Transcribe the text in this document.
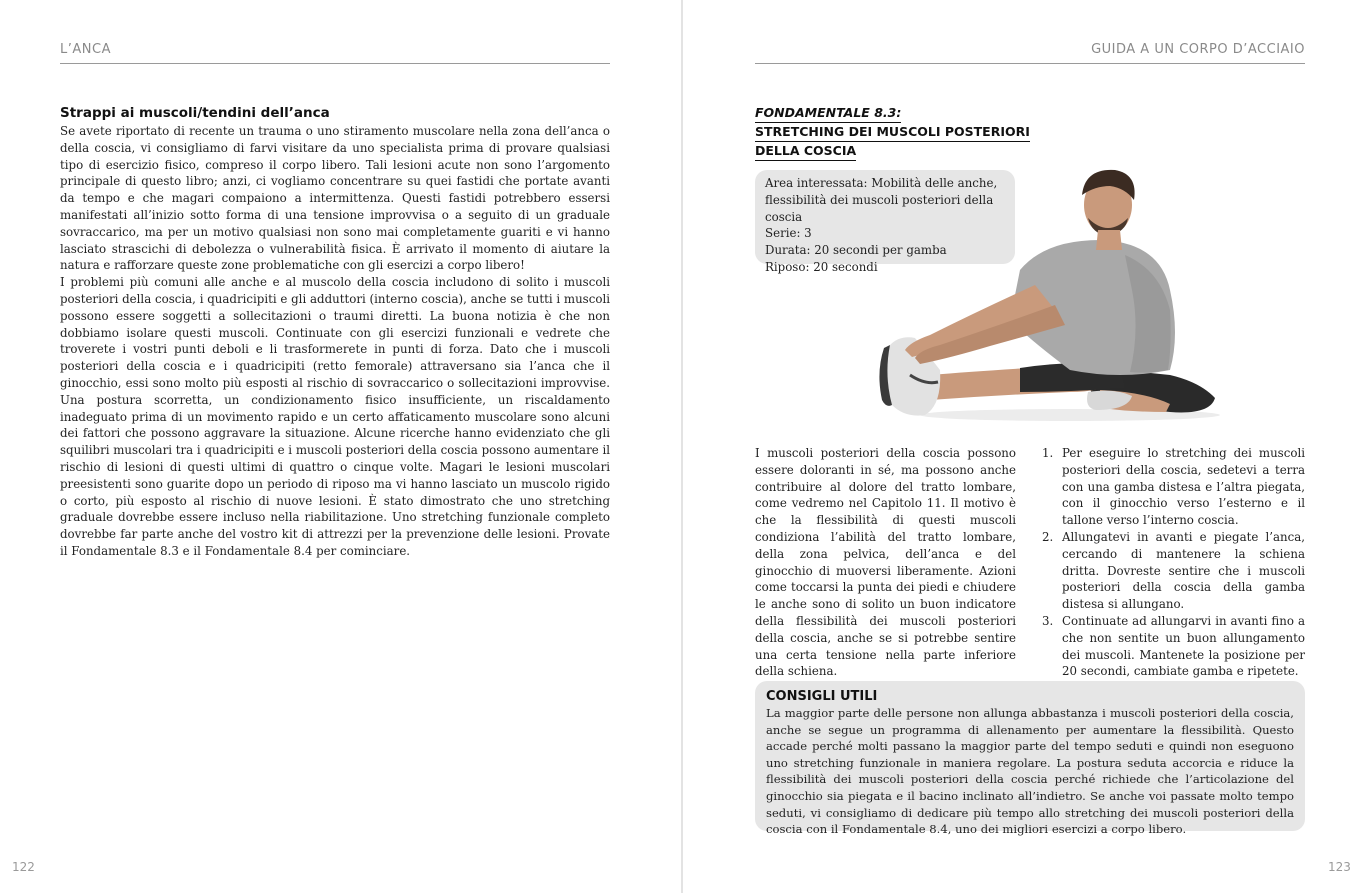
L’ANCA
Strappi ai muscoli/tendini dell’anca

Se avete riportato di recente un trauma o uno stiramento muscolare nella zona dell’anca o della coscia, vi consigliamo di farvi visitare da uno specialista prima di provare qualsiasi tipo di esercizio fisico, compreso il corpo libero. Tali lesioni acute non sono l’argomento principale di questo libro; anzi, ci vogliamo concentrare su quei fastidi che portate avanti da tempo e che magari compaiono a intermittenza. Questi fastidi potrebbero essersi manifestati all’inizio sotto forma di una tensione improvvisa o a seguito di un graduale sovraccarico, ma per un motivo qualsiasi non sono mai completamente guariti e vi hanno lasciato strascichi di debolezza o vulnerabilità fisica. È arrivato il momento di aiutare la natura e rafforzare queste zone problematiche con gli esercizi a corpo libero!

I problemi più comuni alle anche e al muscolo della coscia includono di solito i muscoli posteriori della coscia, i quadricipiti e gli adduttori (interno coscia), anche se tutti i muscoli possono essere soggetti a sollecitazioni o traumi diretti. La buona notizia è che non dobbiamo isolare questi muscoli. Continuate con gli esercizi funzionali e vedrete che troverete i vostri punti deboli e li trasformerete in punti di forza. Dato che i muscoli posteriori della coscia e i quadricipiti (retto femorale) attraversano sia l’anca che il ginocchio, essi sono molto più esposti al rischio di sovraccarico o sollecitazioni improvvise. Una postura scorretta, un condizionamento fisico insufficiente, un riscaldamento inadeguato prima di un movimento rapido e un certo affaticamento muscolare sono alcuni dei fattori che possono aggravare la situazione. Alcune ricerche hanno evidenziato che gli squilibri muscolari tra i quadricipiti e i muscoli posteriori della coscia possono aumentare il rischio di lesioni di questi ultimi di quattro o cinque volte. Magari le lesioni muscolari preesistenti sono guarite dopo un periodo di riposo ma vi hanno lasciato un muscolo rigido o corto, più esposto al rischio di nuove lesioni. È stato dimostrato che uno stretching graduale dovrebbe essere incluso nella riabilitazione. Uno stretching funzionale completo dovrebbe far parte anche del vostro kit di attrezzi per la prevenzione delle lesioni. Provate il Fondamentale 8.3 e il Fondamentale 8.4 per cominciare.

122
GUIDA A UN CORPO D’ACCIAIO
FONDAMENTALE 8.3:
STRETCHING DEI MUSCOLI POSTERIORI
DELLA COSCIA
Area interessata: Mobilità delle anche, flessibilità dei muscoli posteriori della coscia
Serie: 3
Durata: 20 secondi per gamba
Riposo: 20 secondi
I muscoli posteriori della coscia possono essere doloranti in sé, ma possono anche contribuire al dolore del tratto lombare, come vedremo nel Capitolo 11. Il motivo è che la flessibilità di questi muscoli condiziona l’abilità del tratto lombare, della zona pelvica, dell’anca e del ginocchio di muoversi liberamente. Azioni come toccarsi la punta dei piedi e chiudere le anche sono di solito un buon indicatore della flessibilità dei muscoli posteriori della coscia, anche se si potrebbe sentire una certa tensione nella parte inferiore della schiena.
1. Per eseguire lo stretching dei muscoli posteriori della coscia, sedetevi a terra con una gamba distesa e l’altra piegata, con il ginocchio verso l’esterno e il tallone verso l’interno coscia.
2. Allungatevi in avanti e piegate l’anca, cercando di mantenere la schiena dritta. Dovreste sentire che i muscoli posteriori della coscia della gamba distesa si allungano.
3. Continuate ad allungarvi in avanti fino a che non sentite un buon allungamento dei muscoli. Mantenete la posizione per 20 secondi, cambiate gamba e ripetete.
CONSIGLI UTILI
La maggior parte delle persone non allunga abbastanza i muscoli posteriori della coscia, anche se segue un programma di allenamento per aumentare la flessibilità. Questo accade perché molti passano la maggior parte del tempo seduti e quindi non eseguono uno stretching funzionale in maniera regolare. La postura seduta accorcia e riduce la flessibilità dei muscoli posteriori della coscia perché richiede che l’articolazione del ginocchio sia piegata e il bacino inclinato all’indietro. Se anche voi passate molto tempo seduti, vi consigliamo di dedicare più tempo allo stretching dei muscoli posteriori della coscia con il Fondamentale 8.4, uno dei migliori esercizi a corpo libero.
123
